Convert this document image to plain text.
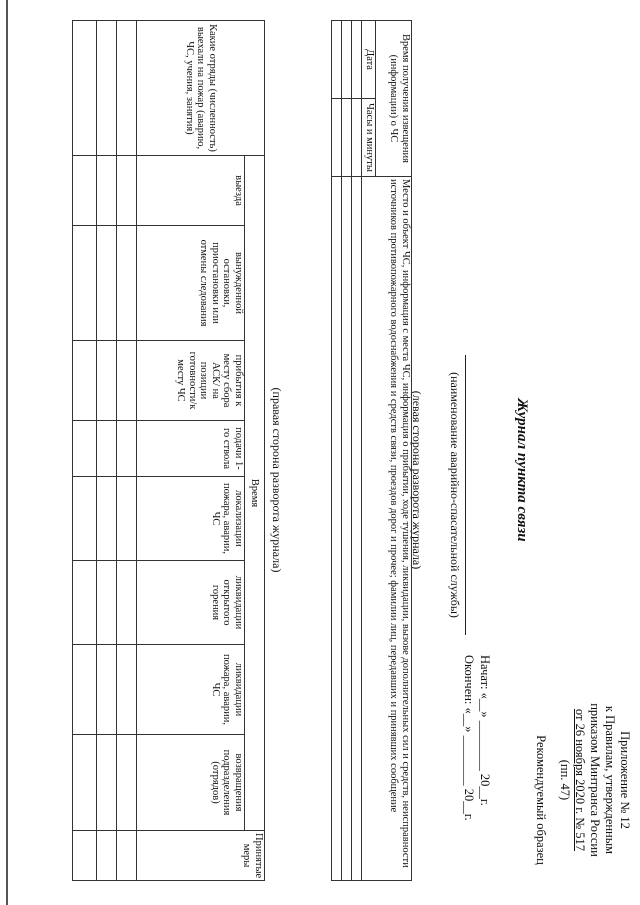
Приложение № 12
к Правилам, утвержденным
приказом Минтранса России
от 26 ноября 2020 г. № 517
(пп. 47)
Рекомендуемый образец
Журнал пункта связи
Начат: «__» ________ 20__г.
Окончен: «__» ________ 20__г.
(наименование аварийно-спасательной службы)
(левая сторона разворота журнала)
Время получения извещения (информации) о ЧС		Место и объект ЧС, информация с места ЧС, информация о прибытии, ходе тушения, ликвидации, вызове дополнительных сил и средств, неисправности источников противопожарного водоснабжения и средств связи, проездов дорог и прочее; фамилии лиц, передавших и принявших сообщение
Дата	Часы и минуты	

(правая сторона разворота журнала)
Какие отряды (численность) выехали на пожар (аварию, ЧС, учения, занятия)	Время								Принятые меры
	выезда	вынужденной остановки, приостановки или отмены следования	прибытия к месту сбора АСК/ на позиции готовности/к месту ЧС	подачи 1-го ствола	локализации пожара, аварии, ЧС	ликвидации открытого горения	ликвидации пожара, аварии, ЧС	возвращения подразделения (отрядов)	
